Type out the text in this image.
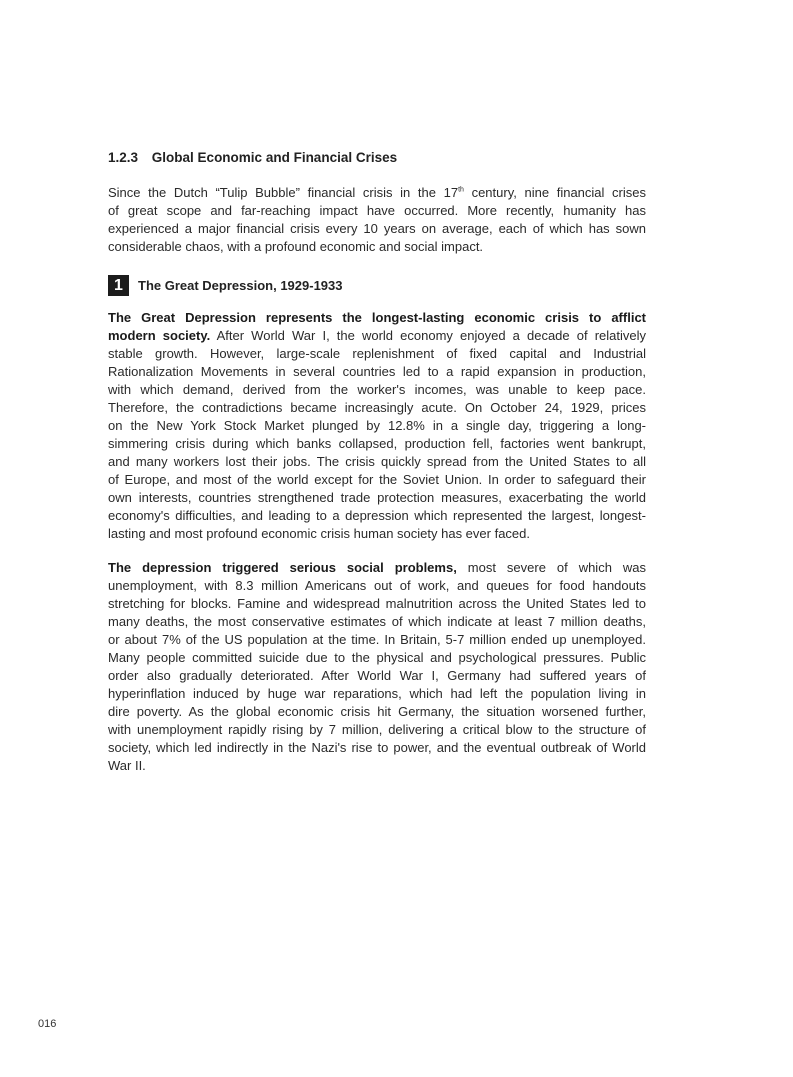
1.2.3 Global Economic and Financial Crises
Since the Dutch “Tulip Bubble” financial crisis in the 17th century, nine financial crises
of great scope and far-reaching impact have occurred. More recently, humanity has
experienced a major financial crisis every 10 years on average, each of which has sown
considerable chaos, with a profound economic and social impact.
1	The Great Depression, 1929-1933
The Great Depression represents the longest-lasting economic crisis to afflict
modern society. After World War I, the world economy enjoyed a decade of relatively
stable growth. However, large-scale replenishment of fixed capital and Industrial
Rationalization Movements in several countries led to a rapid expansion in production,
with which demand, derived from the worker's incomes, was unable to keep pace.
Therefore, the contradictions became increasingly acute. On October 24, 1929, prices
on the New York Stock Market plunged by 12.8% in a single day, triggering a long-
simmering crisis during which banks collapsed, production fell, factories went bankrupt,
and many workers lost their jobs. The crisis quickly spread from the United States to all
of Europe, and most of the world except for the Soviet Union. In order to safeguard their
own interests, countries strengthened trade protection measures, exacerbating the world
economy's difficulties, and leading to a depression which represented the largest, longest-
lasting and most profound economic crisis human society has ever faced.
The depression triggered serious social problems, most severe of which was
unemployment, with 8.3 million Americans out of work, and queues for food handouts
stretching for blocks. Famine and widespread malnutrition across the United States led to
many deaths, the most conservative estimates of which indicate at least 7 million deaths,
or about 7% of the US population at the time. In Britain, 5-7 million ended up unemployed.
Many people committed suicide due to the physical and psychological pressures. Public
order also gradually deteriorated. After World War I, Germany had suffered years of
hyperinflation induced by huge war reparations, which had left the population living in
dire poverty. As the global economic crisis hit Germany, the situation worsened further,
with unemployment rapidly rising by 7 million, delivering a critical blow to the structure of
society, which led indirectly in the Nazi's rise to power, and the eventual outbreak of World
War II.
016
